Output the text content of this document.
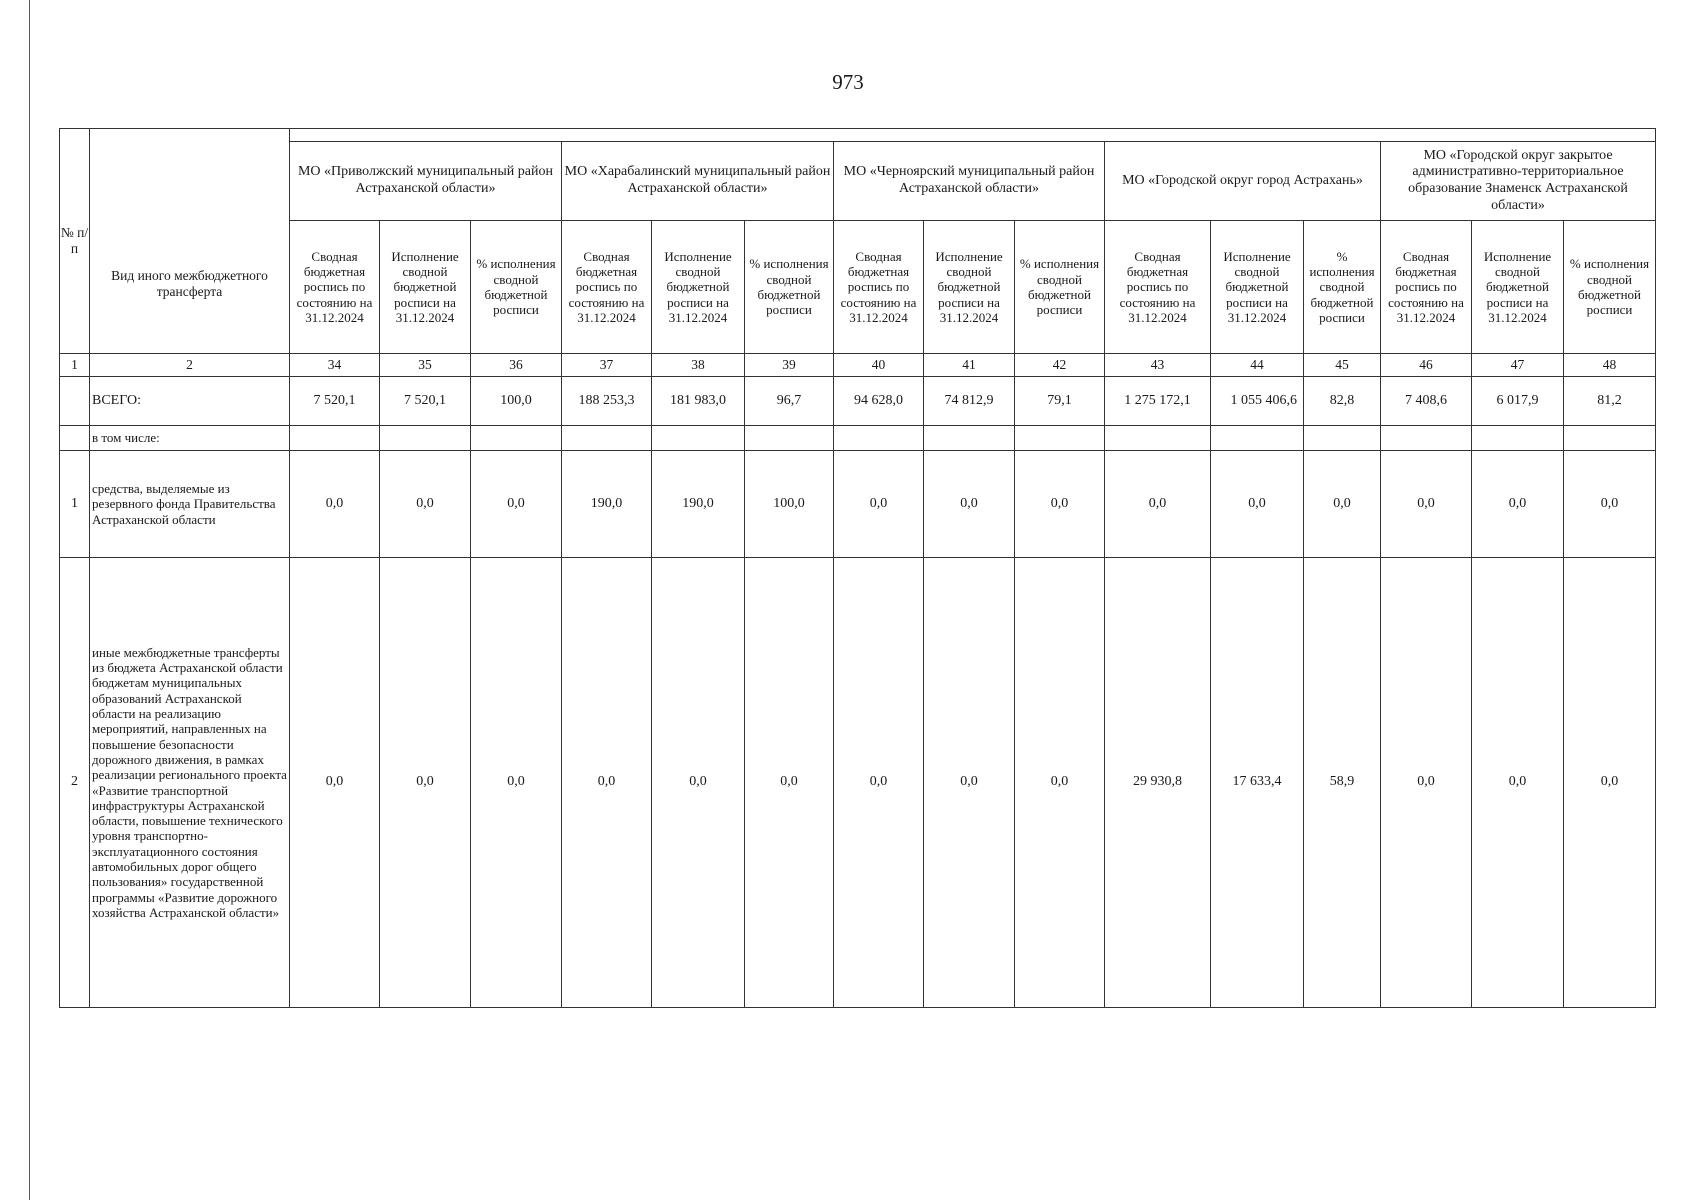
973
№ п/п	Вид иного межбюджетного трансферта															
		МО «Приволжский муниципальный район Астраханской области»			МО «Харабалинский муниципальный район Астраханской области»			МО «Черноярский муниципальный район Астраханской области»			МО «Городской округ город Астрахань»			МО «Городской округ закрытое административно-территориальное образование Знаменск Астраханской области»		
		Сводная бюджетная роспись по состоянию на 31.12.2024	Исполнение сводной бюджетной росписи на 31.12.2024	% исполнения сводной бюджетной росписи	Сводная бюджетная роспись по состоянию на 31.12.2024	Исполнение сводной бюджетной росписи на 31.12.2024	% исполнения сводной бюджетной росписи	Сводная бюджетная роспись по состоянию на 31.12.2024	Исполнение сводной бюджетной росписи на 31.12.2024	% исполнения сводной бюджетной росписи	Сводная бюджетная роспись по состоянию на 31.12.2024	Исполнение сводной бюджетной росписи на 31.12.2024	% исполнения сводной бюджетной росписи	Сводная бюджетная роспись по состоянию на 31.12.2024	Исполнение сводной бюджетной росписи на 31.12.2024	% исполнения сводной бюджетной росписи
1	2	34	35	36	37	38	39	40	41	42	43	44	45	46	47	48
	ВСЕГО:	7 520,1	7 520,1	100,0	188 253,3	181 983,0	96,7	94 628,0	74 812,9	79,1	1 275 172,1	1 055 406,6	82,8	7 408,6	6 017,9	81,2
	в том числе:															
1	средства, выделяемые из резервного фонда Правительства Астраханской области	0,0	0,0	0,0	190,0	190,0	100,0	0,0	0,0	0,0	0,0	0,0	0,0	0,0	0,0	0,0
2	иные межбюджетные трансферты из бюджета Астраханской области бюджетам муниципальных образований Астраханской области на реализацию мероприятий, направленных на повышение безопасности дорожного движения, в рамках реализации регионального проекта «Развитие транспортной инфраструктуры Астраханской области, повышение технического уровня транспортно-эксплуатационного состояния автомобильных дорог общего пользования» государственной программы «Развитие дорожного хозяйства Астраханской области»	0,0	0,0	0,0	0,0	0,0	0,0	0,0	0,0	0,0	29 930,8	17 633,4	58,9	0,0	0,0	0,0
